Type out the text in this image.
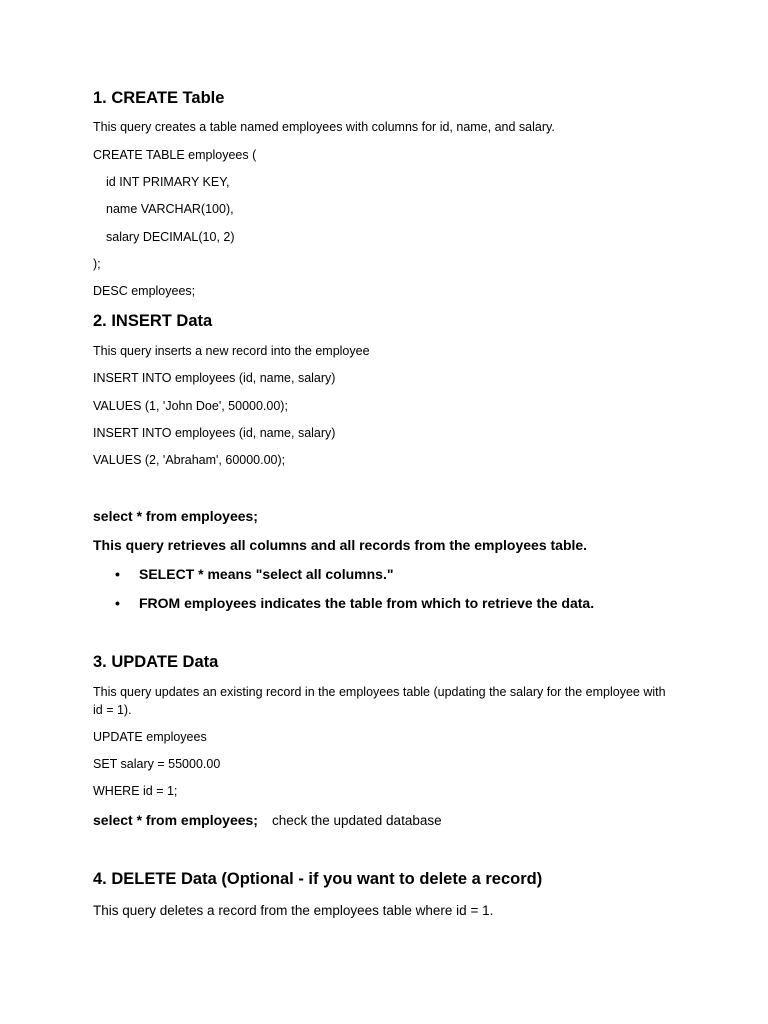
1. CREATE Table
This query creates a table named employees with columns for id, name, and salary.
CREATE TABLE employees (
id INT PRIMARY KEY,
name VARCHAR(100),
salary DECIMAL(10, 2)
);
DESC employees;
2. INSERT Data
This query inserts a new record into the employee
INSERT INTO employees (id, name, salary)
VALUES (1, 'John Doe', 50000.00);
INSERT INTO employees (id, name, salary)
VALUES (2, 'Abraham', 60000.00);
select * from employees;
This query retrieves all columns and all records from the employees table.
• SELECT * means "select all columns."
• FROM employees indicates the table from which to retrieve the data.
3. UPDATE Data
This query updates an existing record in the employees table (updating the salary for the employee with id = 1).
UPDATE employees
SET salary = 55000.00
WHERE id = 1;
select * from employees; check the updated database
4. DELETE Data (Optional - if you want to delete a record)
This query deletes a record from the employees table where id = 1.
